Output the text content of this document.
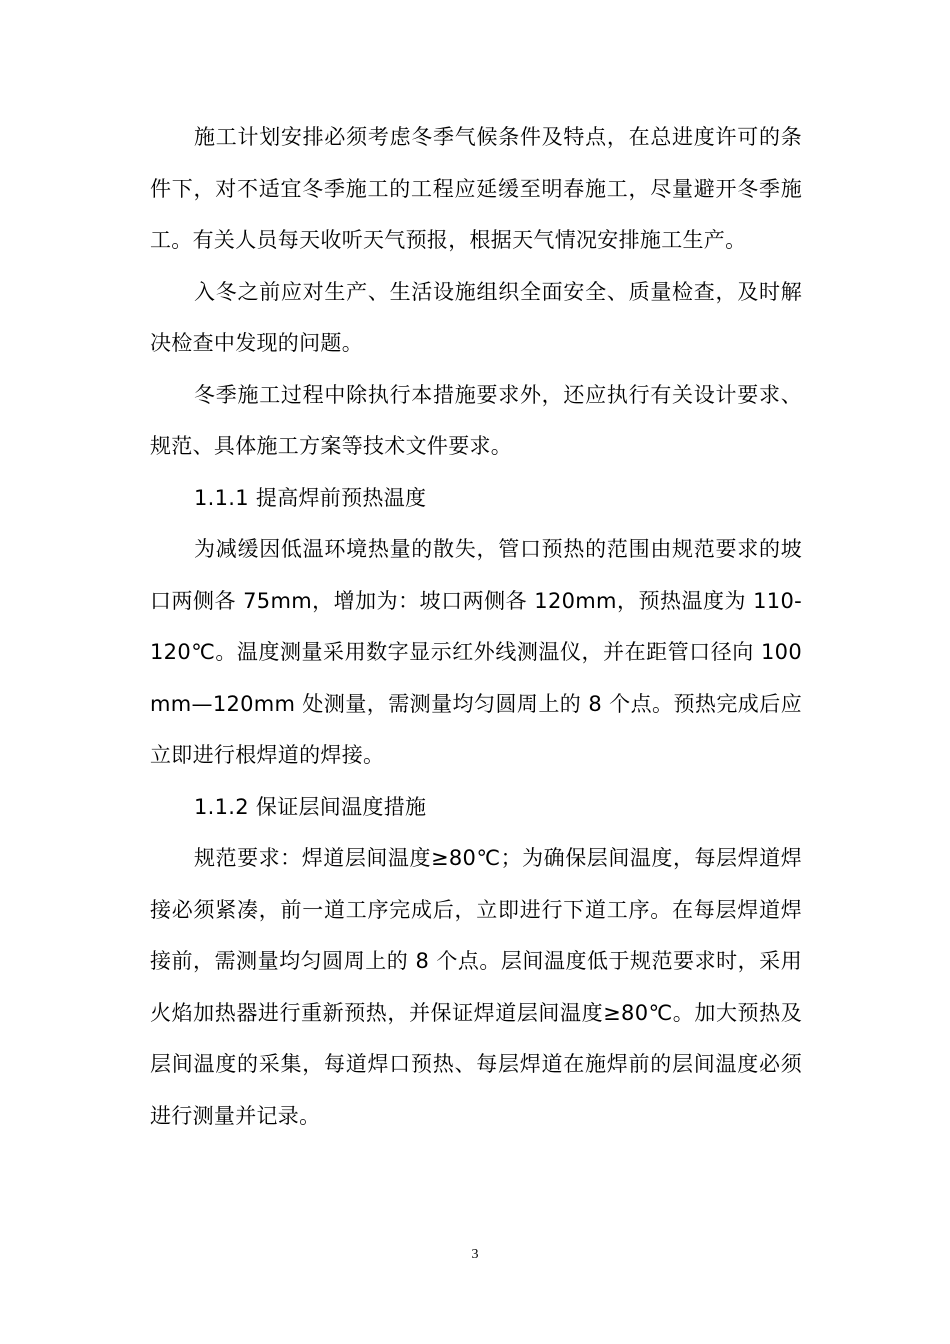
施工计划安排必须考虑冬季气候条件及特点，在总进度许可的条件下，对不适宜冬季施工的工程应延缓至明春施工，尽量避开冬季施工。有关人员每天收听天气预报，根据天气情况安排施工生产。

入冬之前应对生产、生活设施组织全面安全、质量检查，及时解决检查中发现的问题。

冬季施工过程中除执行本措施要求外，还应执行有关设计要求、规范、具体施工方案等技术文件要求。

1.1.1 提高焊前预热温度

为减缓因低温环境热量的散失，管口预热的范围由规范要求的坡口两侧各 75mm，增加为：坡口两侧各 120mm，预热温度为 110-120℃。温度测量采用数字显示红外线测温仪，并在距管口径向 100mm—120mm 处测量，需测量均匀圆周上的 8 个点。预热完成后应立即进行根焊道的焊接。

1.1.2 保证层间温度措施

规范要求：焊道层间温度≥80℃；为确保层间温度，每层焊道焊接必须紧凑，前一道工序完成后，立即进行下道工序。在每层焊道焊接前，需测量均匀圆周上的 8 个点。层间温度低于规范要求时，采用火焰加热器进行重新预热，并保证焊道层间温度≥80℃。加大预热及层间温度的采集，每道焊口预热、每层焊道在施焊前的层间温度必须进行测量并记录。

3
